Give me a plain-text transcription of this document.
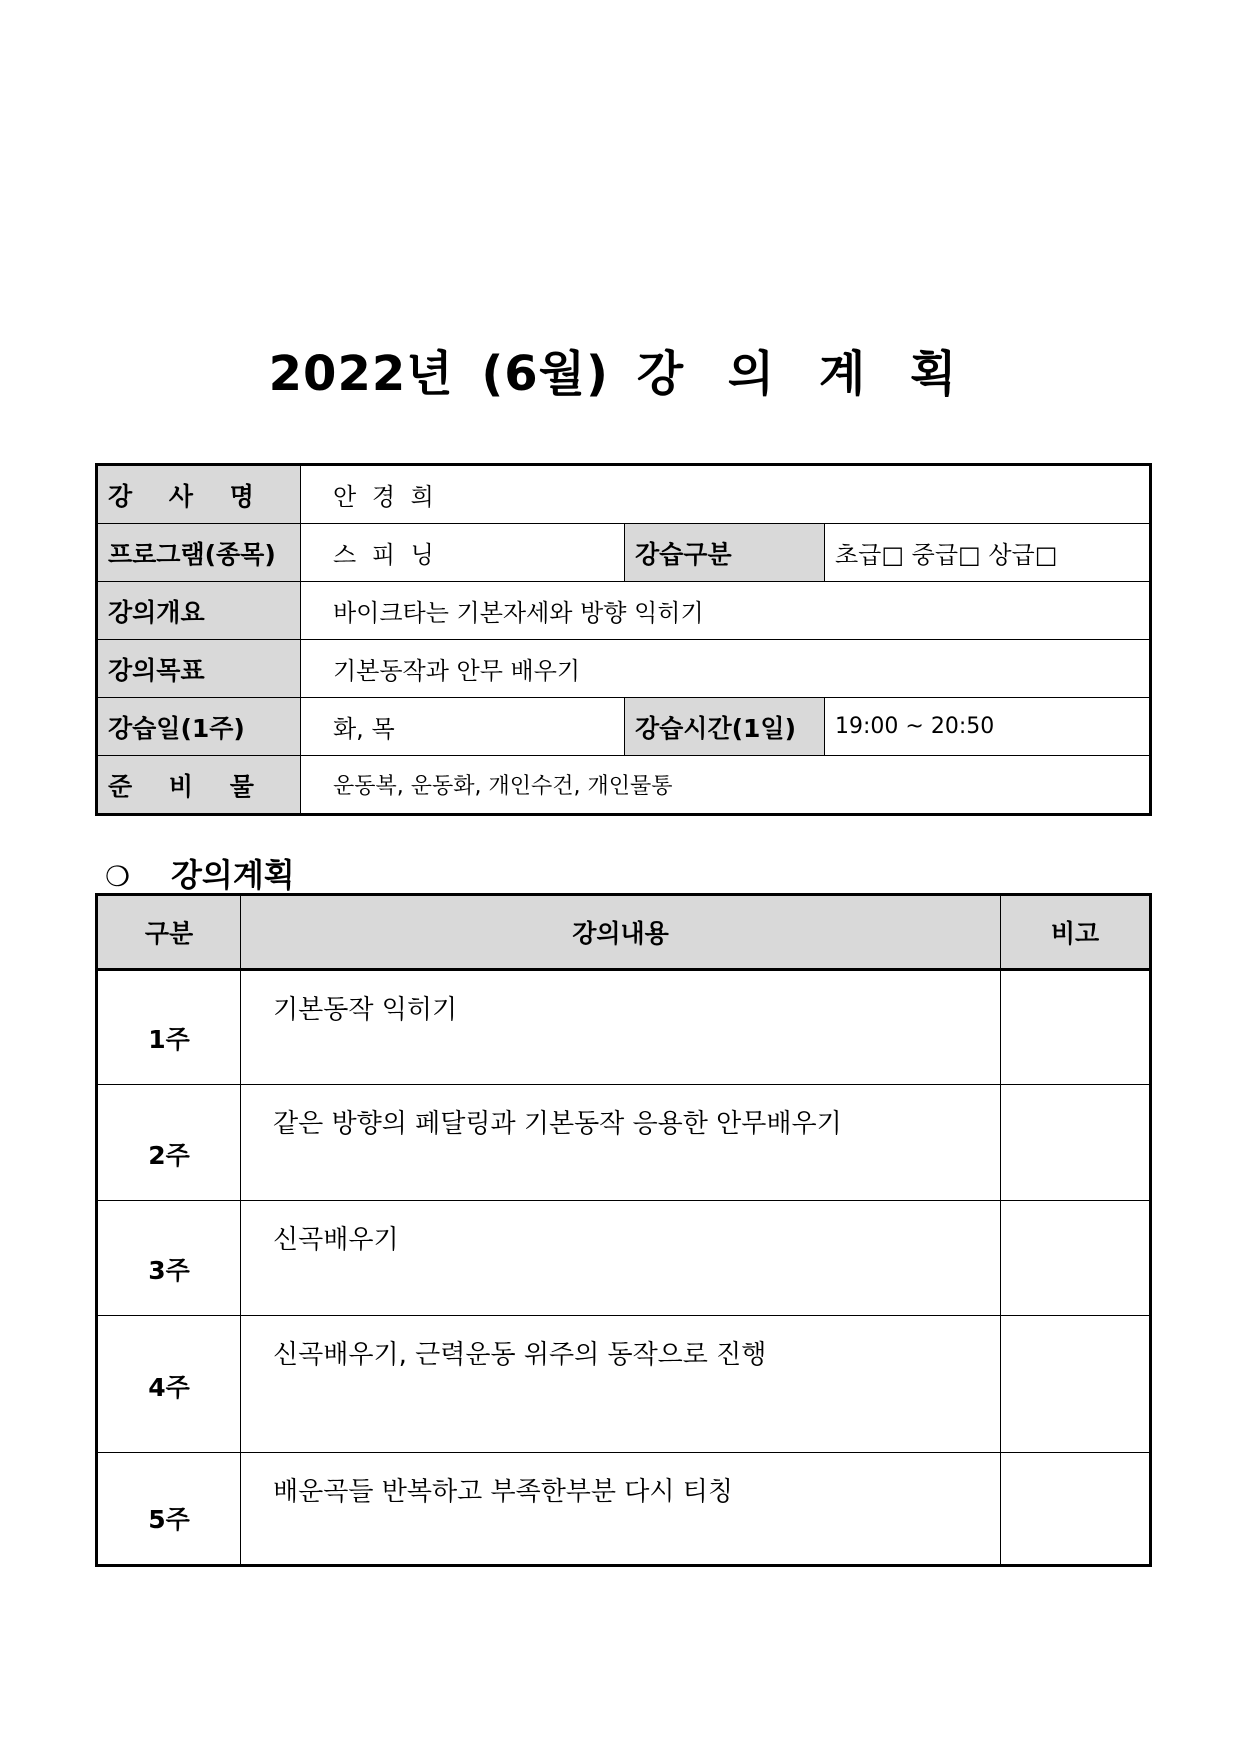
2022년 (6월) 강 의 계 획
강 사 명	안 경 희		
프로그램(종목)	스 피 닝	강습구분	초급□ 중급□ 상급□
강의개요	바이크타는 기본자세와 방향 익히기		
강의목표	기본동작과 안무 배우기		
강습일(1주)	화, 목	강습시간(1일)	19:00 ~ 20:50
준 비 물	운동복, 운동화, 개인수건, 개인물통		
❍ 강의계획
구분	강의내용	비고
1주	기본동작 익히기	
2주	같은 방향의 페달링과 기본동작 응용한 안무배우기	
3주	신곡배우기	
4주	신곡배우기, 근력운동 위주의 동작으로 진행	
5주	배운곡들 반복하고 부족한부분 다시 티칭	
